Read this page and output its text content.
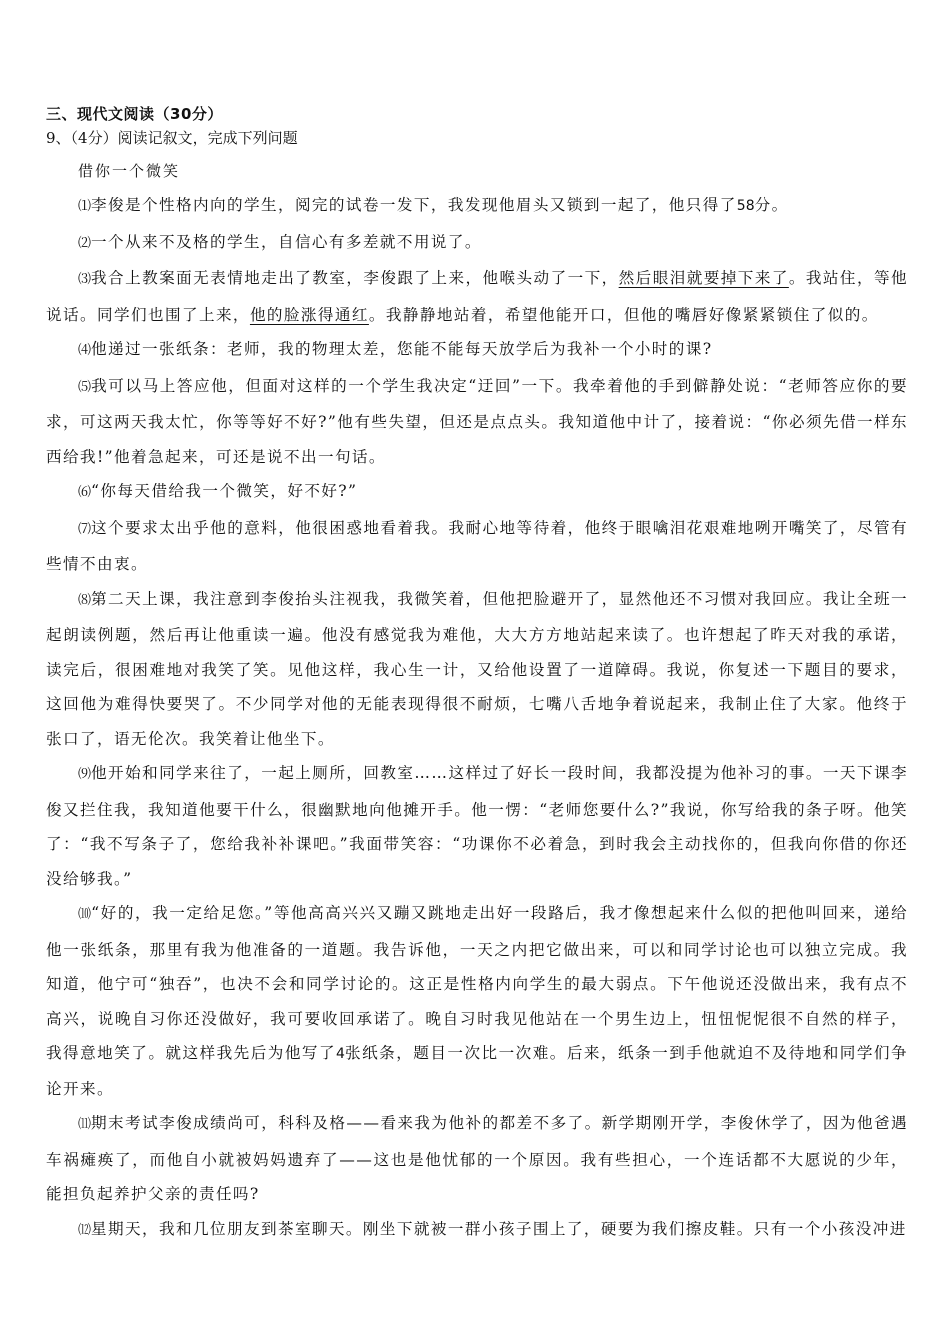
三、现代文阅读（30分）
9、（4分）阅读记叙文，完成下列问题
借你一个微笑

⑴李俊是个性格内向的学生，阅完的试卷一发下，我发现他眉头又锁到一起了，他只得了58分。

⑵一个从来不及格的学生，自信心有多差就不用说了。

⑶我合上教案面无表情地走出了教室，李俊跟了上来，他喉头动了一下，然后眼泪就要掉下来了。我站住，等他说话。同学们也围了上来，他的脸涨得通红。我静静地站着，希望他能开口，但他的嘴唇好像紧紧锁住了似的。

⑷他递过一张纸条：老师，我的物理太差，您能不能每天放学后为我补一个小时的课?

⑸我可以马上答应他，但面对这样的一个学生我决定“迂回”一下。我牵着他的手到僻静处说：“老师答应你的要求，可这两天我太忙，你等等好不好?”他有些失望，但还是点点头。我知道他中计了，接着说：“你必须先借一样东西给我!”他着急起来，可还是说不出一句话。

⑹“你每天借给我一个微笑，好不好?”

⑺这个要求太出乎他的意料，他很困惑地看着我。我耐心地等待着，他终于眼噙泪花艰难地咧开嘴笑了，尽管有些情不由衷。

⑻第二天上课，我注意到李俊抬头注视我，我微笑着，但他把脸避开了，显然他还不习惯对我回应。我让全班一起朗读例题，然后再让他重读一遍。他没有感觉我为难他，大大方方地站起来读了。也许想起了昨天对我的承诺，读完后，很困难地对我笑了笑。见他这样，我心生一计，又给他设置了一道障碍。我说，你复述一下题目的要求，这回他为难得快要哭了。不少同学对他的无能表现得很不耐烦，七嘴八舌地争着说起来，我制止住了大家。他终于张口了，语无伦次。我笑着让他坐下。

⑼他开始和同学来往了，一起上厕所，回教室……这样过了好长一段时间，我都没提为他补习的事。一天下课李俊又拦住我，我知道他要干什么，很幽默地向他摊开手。他一愣：“老师您要什么?”我说，你写给我的条子呀。他笑了：“我不写条子了，您给我补补课吧。”我面带笑容：“功课你不必着急，到时我会主动找你的，但我向你借的你还没给够我。”

⑽“好的，我一定给足您。”等他高高兴兴又蹦又跳地走出好一段路后，我才像想起来什么似的把他叫回来，递给他一张纸条，那里有我为他准备的一道题。我告诉他，一天之内把它做出来，可以和同学讨论也可以独立完成。我知道，他宁可“独吞”，也决不会和同学讨论的。这正是性格内向学生的最大弱点。下午他说还没做出来，我有点不高兴，说晚自习你还没做好，我可要收回承诺了。晚自习时我见他站在一个男生边上，忸忸怩怩很不自然的样子，我得意地笑了。就这样我先后为他写了4张纸条，题目一次比一次难。后来，纸条一到手他就迫不及待地和同学们争论开来。

⑾期末考试李俊成绩尚可，科科及格——看来我为他补的都差不多了。新学期刚开学，李俊休学了，因为他爸遇车祸瘫痪了，而他自小就被妈妈遗弃了——这也是他忧郁的一个原因。我有些担心，一个连话都不大愿说的少年，能担负起养护父亲的责任吗?

⑿星期天，我和几位朋友到茶室聊天。刚坐下就被一群小孩子围上了，硬要为我们擦皮鞋。只有一个小孩没冲进
